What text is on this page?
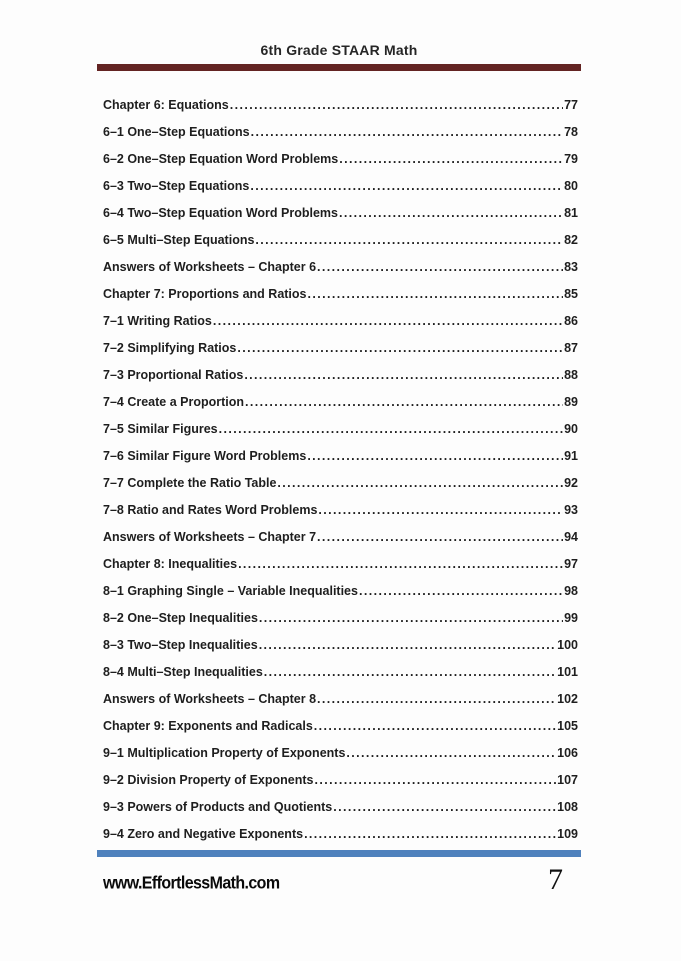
6th Grade STAAR Math
Chapter 6: Equations .....	77
6–1 One–Step Equations .....	78
6–2 One–Step Equation Word Problems .....	79
6–3 Two–Step Equations .....	80
6–4 Two–Step Equation Word Problems .....	81
6–5 Multi–Step Equations .....	82
Answers of Worksheets – Chapter 6 .....	83
Chapter 7: Proportions and Ratios .....	85
7–1 Writing Ratios .....	86
7–2 Simplifying Ratios .....	87
7–3 Proportional Ratios .....	88
7–4 Create a Proportion .....	89
7–5 Similar Figures .....	90
7–6 Similar Figure Word Problems .....	91
7–7 Complete the Ratio Table .....	92
7–8 Ratio and Rates Word Problems .....	93
Answers of Worksheets – Chapter 7 .....	94
Chapter 8: Inequalities .....	97
8–1 Graphing Single – Variable Inequalities .....	98
8–2 One–Step Inequalities .....	99
8–3 Two–Step Inequalities .....	100
8–4 Multi–Step Inequalities .....	101
Answers of Worksheets – Chapter 8 .....	102
Chapter 9: Exponents and Radicals .....	105
9–1 Multiplication Property of Exponents .....	106
9–2 Division Property of Exponents .....	107
9–3 Powers of Products and Quotients .....	108
9–4 Zero and Negative Exponents .....	109
www.EffortlessMath.com	7
